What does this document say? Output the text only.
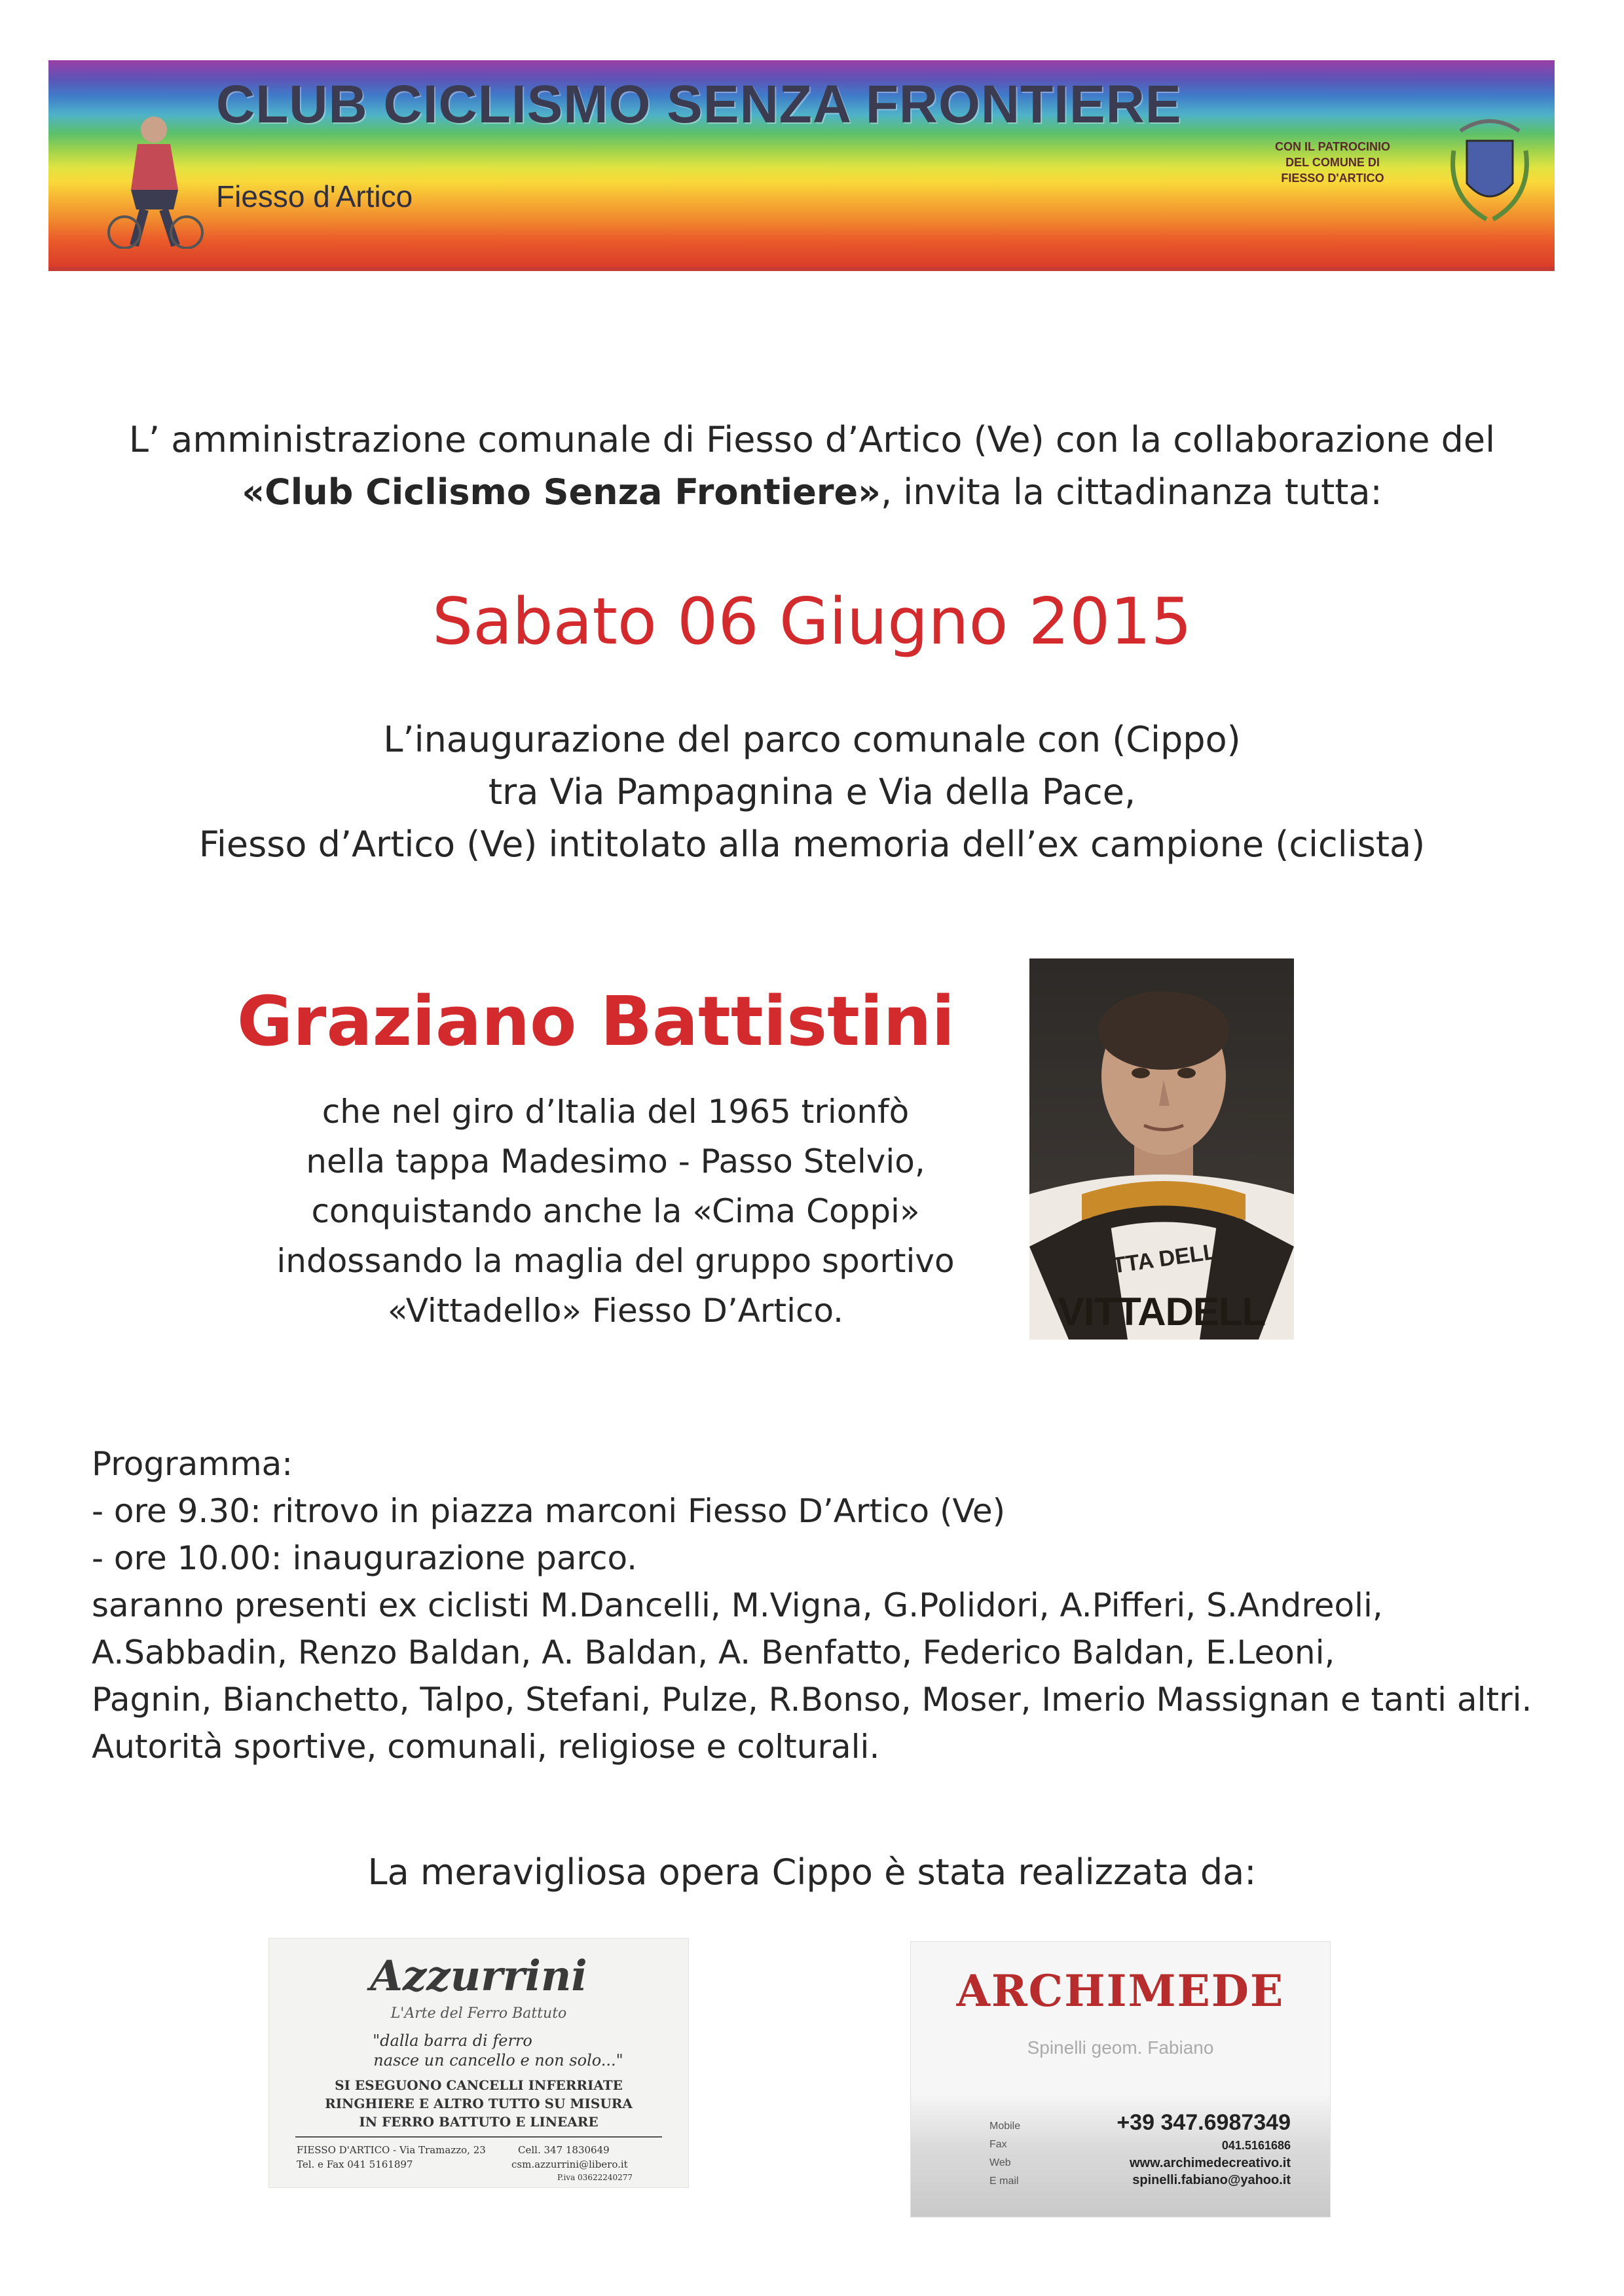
CLUB CICLISMO SENZA FRONTIERE
Fiesso d'Artico
CON IL PATROCINIO
DEL COMUNE DI
FIESSO D'ARTICO
L’ amministrazione comunale di Fiesso d’Artico (Ve) con la collaborazione del
«Club Ciclismo Senza Frontiere», invita la cittadinanza tutta:
Sabato 06 Giugno 2015
L’inaugurazione del parco comunale con (Cippo)
tra Via Pampagnina e Via della Pace,
Fiesso d’Artico (Ve) intitolato alla memoria dell’ex campione (ciclista)
Graziano Battistini
che nel giro d’Italia del 1965 trionfò
nella tappa Madesimo - Passo Stelvio,
conquistando anche la «Cima Coppi»
indossando la maglia del gruppo sportivo
«Vittadello» Fiesso D’Artico.
VITTA DELLO
VITTADELL
Programma:
- ore 9.30: ritrovo in piazza marconi Fiesso D’Artico (Ve)
- ore 10.00: inaugurazione parco.
saranno presenti ex ciclisti M.Dancelli, M.Vigna, G.Polidori, A.Pifferi, S.Andreoli,
A.Sabbadin, Renzo Baldan, A. Baldan, A. Benfatto, Federico Baldan, E.Leoni,
Pagnin, Bianchetto, Talpo, Stefani, Pulze, R.Bonso, Moser, Imerio Massignan e tanti altri.
Autorità sportive, comunali, religiose e colturali.
La meravigliosa opera Cippo è stata realizzata da:
Azzurrini
L'Arte del Ferro Battuto
"dalla barra di ferro
nasce un cancello e non solo..."
SI ESEGUONO CANCELLI INFERRIATE
RINGHIERE E ALTRO TUTTO SU MISURA
IN FERRO BATTUTO E LINEARE
FIESSO D'ARTICO - Via Tramazzo, 23
Tel. e Fax 041 5161897
Cell. 347 1830649
csm.azzurrini@libero.it
P.iva 03622240277
ARCHIMEDE
Spinelli geom. Fabiano
Mobile
Fax
Web
E mail
+39 347.6987349
041.5161686
www.archimedecreativo.it
spinelli.fabiano@yahoo.it
